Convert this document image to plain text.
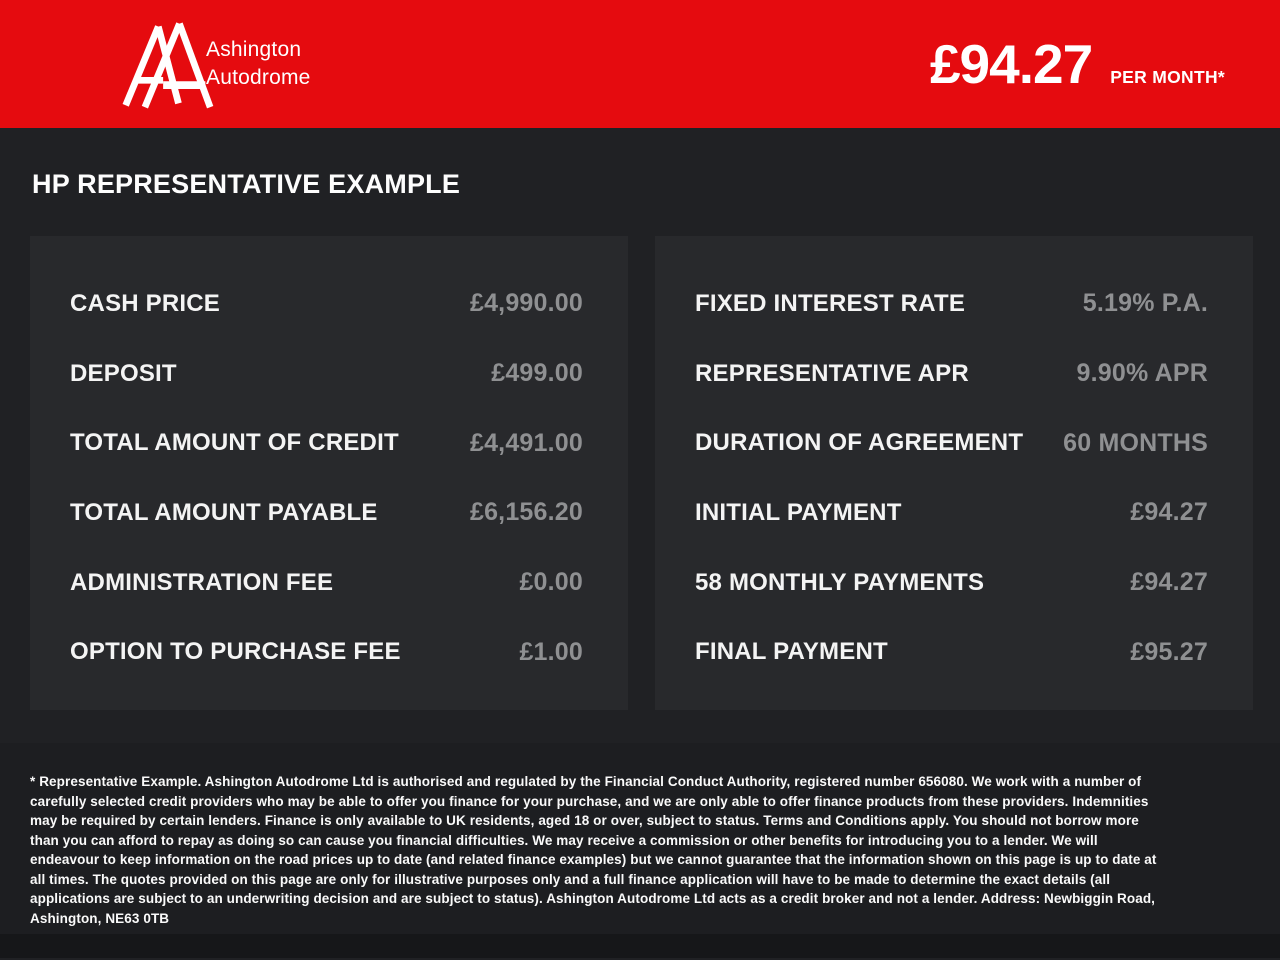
Ashington
Autodrome	£94.27 PER MONTH*
HP REPRESENTATIVE EXAMPLE
CASH PRICE	£4,990.00
DEPOSIT	£499.00
TOTAL AMOUNT OF CREDIT	£4,491.00
TOTAL AMOUNT PAYABLE	£6,156.20
ADMINISTRATION FEE	£0.00
OPTION TO PURCHASE FEE	£1.00
FIXED INTEREST RATE	5.19% P.A.
REPRESENTATIVE APR	9.90% APR
DURATION OF AGREEMENT 60 MONTHS
INITIAL PAYMENT	£94.27
58 MONTHLY PAYMENTS	£94.27
FINAL PAYMENT	£95.27

* Representative Example. Ashington Autodrome Ltd is authorised and regulated by the Financial Conduct Authority, registered number 656080. We work with a number of carefully selected credit providers who may be able to offer you finance for your purchase, and we are only able to offer finance products from these providers. Indemnities may be required by certain lenders. Finance is only available to UK residents, aged 18 or over, subject to status. Terms and Conditions apply. You should not borrow more than you can afford to repay as doing so can cause you financial difficulties. We may receive a commission or other benefits for introducing you to a lender. We will endeavour to keep information on the road prices up to date (and related finance examples) but we cannot guarantee that the information shown on this page is up to date at all times. The quotes provided on this page are only for illustrative purposes only and a full finance application will have to be made to determine the exact details (all applications are subject to an underwriting decision and are subject to status). Ashington Autodrome Ltd acts as a credit broker and not a lender. Address: Newbiggin Road, Ashington, NE63 0TB
